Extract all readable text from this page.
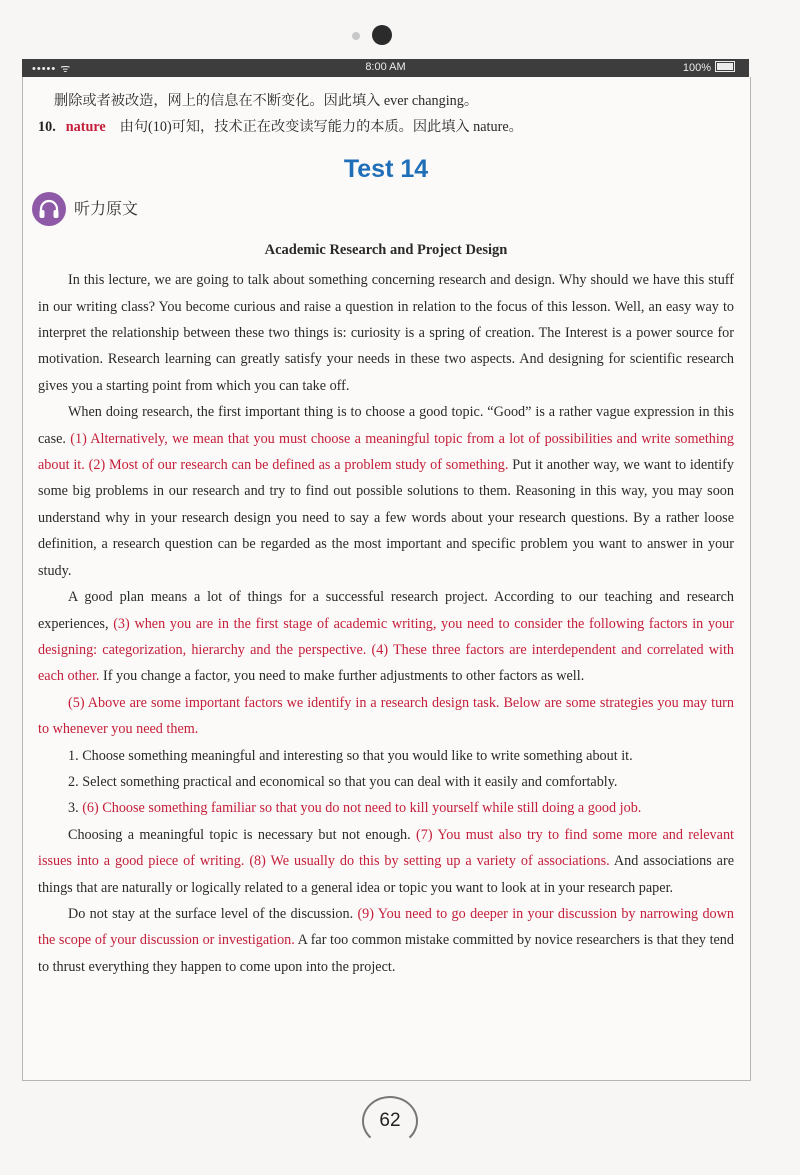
••••• ᯤ	8:00 AM	100%

删除或者被改造，网上的信息在不断变化。因此填入 ever changing。

10. nature 由句(10)可知，技术正在改变读写能力的本质。因此填入 nature。

Test 14
听力原文
Academic Research and Project Design

In this lecture, we are going to talk about something concerning research and design. Why should we have this stuff in our writing class? You become curious and raise a question in relation to the focus of this lesson. Well, an easy way to interpret the relationship between these two things is: curiosity is a spring of creation. The Interest is a power source for motivation. Research learning can greatly satisfy your needs in these two aspects. And designing for scientific research gives you a starting point from which you can take off.

When doing research, the first important thing is to choose a good topic. “Good” is a rather vague expression in this case. (1) Alternatively, we mean that you must choose a meaningful topic from a lot of possibilities and write something about it. (2) Most of our research can be defined as a problem study of something. Put it another way, we want to identify some big problems in our research and try to find out possible solutions to them. Reasoning in this way, you may soon understand why in your research design you need to say a few words about your research questions. By a rather loose definition, a research question can be regarded as the most important and specific problem you want to answer in your study.

A good plan means a lot of things for a successful research project. According to our teaching and research experiences, (3) when you are in the first stage of academic writing, you need to consider the following factors in your designing: categorization, hierarchy and the perspective. (4) These three factors are interdependent and correlated with each other. If you change a factor, you need to make further adjustments to other factors as well.

(5) Above are some important factors we identify in a research design task. Below are some strategies you may turn to whenever you need them.

1. Choose something meaningful and interesting so that you would like to write something about it.

2. Select something practical and economical so that you can deal with it easily and comfortably.

3. (6) Choose something familiar so that you do not need to kill yourself while still doing a good job.

Choosing a meaningful topic is necessary but not enough. (7) You must also try to find some more and relevant issues into a good piece of writing. (8) We usually do this by setting up a variety of associations. And associations are things that are naturally or logically related to a general idea or topic you want to look at in your research paper.

Do not stay at the surface level of the discussion. (9) You need to go deeper in your discussion by narrowing down the scope of your discussion or investigation. A far too common mistake committed by novice researchers is that they tend to thrust everything they happen to come upon into the project.

62
